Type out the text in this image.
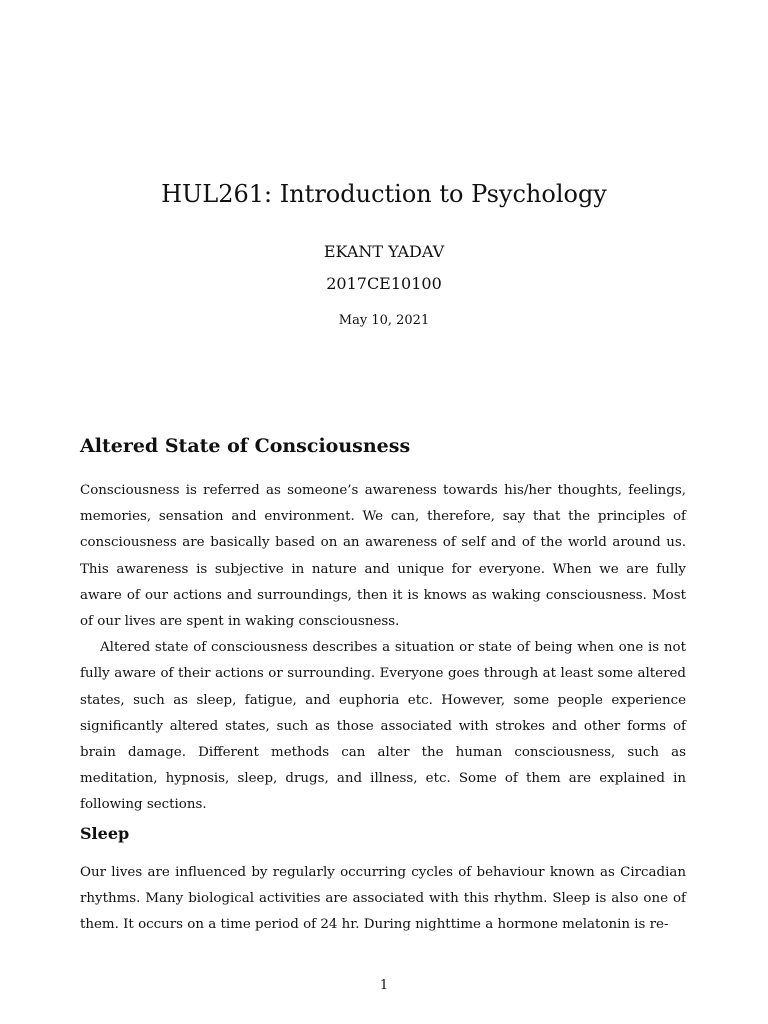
HUL261: Introduction to Psychology
EKANT YADAV
2017CE10100
May 10, 2021
Altered State of Consciousness

Consciousness is referred as someone’s awareness towards his/her thoughts, feelings, memories, sensation and environment. We can, therefore, say that the principles of consciousness are basically based on an awareness of self and of the world around us. This awareness is subjective in nature and unique for everyone. When we are fully aware of our actions and surroundings, then it is knows as waking consciousness. Most of our lives are spent in waking consciousness.

Altered state of consciousness describes a situation or state of being when one is not fully aware of their actions or surrounding. Everyone goes through at least some altered states, such as sleep, fatigue, and euphoria etc. However, some people experience significantly altered states, such as those associated with strokes and other forms of brain damage. Different methods can alter the human consciousness, such as meditation, hypnosis, sleep, drugs, and illness, etc. Some of them are explained in following sections.

Sleep

Our lives are influenced by regularly occurring cycles of behaviour known as Circadian rhythms. Many biological activities are associated with this rhythm. Sleep is also one of them. It occurs on a time period of 24 hr. During nighttime a hormone melatonin is re-

1
